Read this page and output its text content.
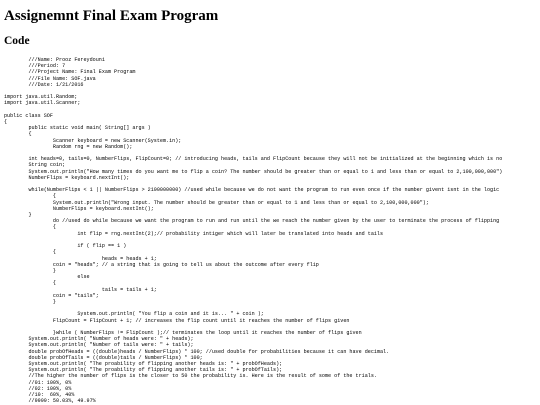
Assignemnt Final Exam Program
Code
	///Name: Prooz Fereydouni
	///Period: 7
	///Project Name: Final Exam Program
	///File Name: SOF.java
	///Date: 1/21/2016

import java.util.Random;
import java.util.Scanner;

public class SOF
{
	public static void main( String[] args )
	{
		Scanner keyboard = new Scanner(System.in);
		Random rng = new Random();

	int heads=0, tails=0, NumberFlips, FlipCount=0; // introducing heads, tails and FlipCount because they will not be initialized at the beginning which is no
	String coin;
	System.out.println("How many times do you want me to flip a coin? The number should be greater than or equal to 1 and less than or equal to 2,100,000,000")
	NumberFlips = keyboard.nextInt();

	while(NumberFlips < 1 || NumberFlips > 2100000000) //used while because we do not want the program to run even once if the number givent isnt in the logic
		{
		System.out.println("Wrong input. The number should be greater than or equal to 1 and less than or equal to 2,100,000,000");
		NumberFlips = keyboard.nextInt();
	}
		do //used do while because we want the program to run and run until the we reach the number given by the user to terminate the process of flipping
		{
			int flip = rng.nextInt(2);// probability intiger which will later be translated into heads and tails

			if ( flip == 1 )
		{
				heads = heads + 1;
		coin = "heads"; // a string that is going to tell us about the outcome after every flip
		}
			else
		{
				tails = tails + 1;
		coin = "tails";
		}

			System.out.println( "You flip a coin and it is... " + coin );
		FlipCount = FlipCount + 1; // increases the flip count until it reaches the number of flips given

		}while ( NumberFlips != FlipCount );// terminates the loop until it reaches the number of flips given
	System.out.println( "Number of heads were: " + heads);
	System.out.println( "Number of tails were: " + tails);
	double probOfHeads = ((double)heads / NumberFlips) * 100; //used double for probabilities because it can have decimal.
	double probOfTails = ((double)tails / NumberFlips) * 100;
	System.out.println( "The proability of flipping another heads is: " + probOfHeads);
	System.out.println( "The proability of flipping another tails is: " + probOfTails);
	//The higher the number of flips is the closer to 50 the probability is. Here is the result of some of the trials.
	//01: 100%, 0%
	//02: 100%, 0%
	//10:  60%, 40%
	//9999: 50.03%, 49.97%
